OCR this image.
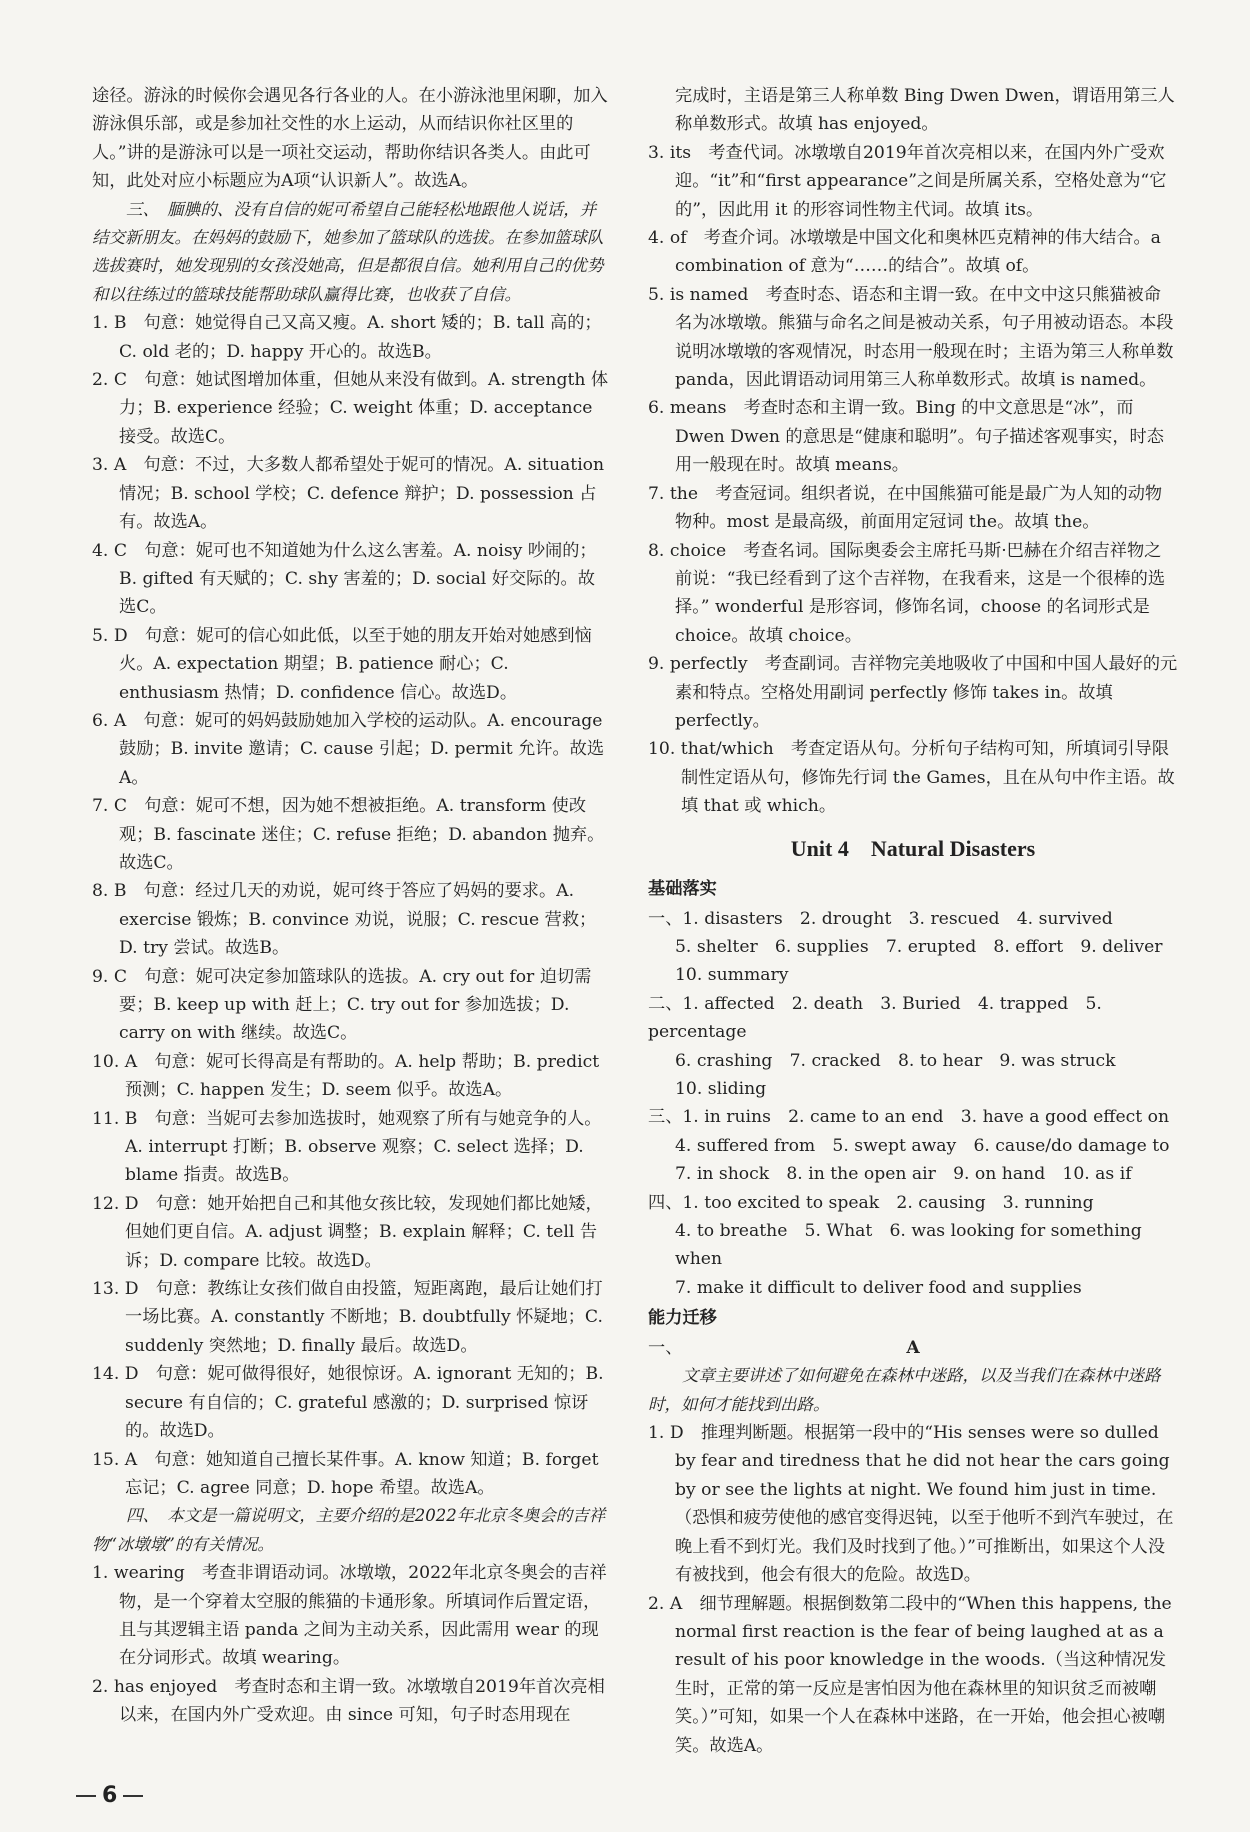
途径。游泳的时候你会遇见各行各业的人。在小游泳池里闲聊，加入游泳俱乐部，或是参加社交性的水上运动，从而结识你社区里的人。”讲的是游泳可以是一项社交运动，帮助你结识各类人。由此可知，此处对应小标题应为A项“认识新人”。故选A。

三、　腼腆的、没有自信的妮可希望自己能轻松地跟他人说话，并结交新朋友。在妈妈的鼓励下，她参加了篮球队的选拔。在参加篮球队选拔赛时，她发现别的女孩没她高，但是都很自信。她利用自己的优势和以往练过的篮球技能帮助球队赢得比赛，也收获了自信。

1. B　句意：她觉得自己又高又瘦。A. short 矮的；B. tall 高的；C. old 老的；D. happy 开心的。故选B。

2. C　句意：她试图增加体重，但她从来没有做到。A. strength 体力；B. experience 经验；C. weight 体重；D. acceptance 接受。故选C。

3. A　句意：不过，大多数人都希望处于妮可的情况。A. situation 情况；B. school 学校；C. defence 辩护；D. possession 占有。故选A。

4. C　句意：妮可也不知道她为什么这么害羞。A. noisy 吵闹的；B. gifted 有天赋的；C. shy 害羞的；D. social 好交际的。故选C。

5. D　句意：妮可的信心如此低，以至于她的朋友开始对她感到恼火。A. expectation 期望；B. patience 耐心；C. enthusiasm 热情；D. confidence 信心。故选D。

6. A　句意：妮可的妈妈鼓励她加入学校的运动队。A. encourage 鼓励；B. invite 邀请；C. cause 引起；D. permit 允许。故选A。

7. C　句意：妮可不想，因为她不想被拒绝。A. transform 使改观；B. fascinate 迷住；C. refuse 拒绝；D. abandon 抛弃。故选C。

8. B　句意：经过几天的劝说，妮可终于答应了妈妈的要求。A. exercise 锻炼；B. convince 劝说，说服；C. rescue 营救；D. try 尝试。故选B。

9. C　句意：妮可决定参加篮球队的选拔。A. cry out for 迫切需要；B. keep up with 赶上；C. try out for 参加选拔；D. carry on with 继续。故选C。

10. A　句意：妮可长得高是有帮助的。A. help 帮助；B. predict 预测；C. happen 发生；D. seem 似乎。故选A。

11. B　句意：当妮可去参加选拔时，她观察了所有与她竞争的人。A. interrupt 打断；B. observe 观察；C. select 选择；D. blame 指责。故选B。

12. D　句意：她开始把自己和其他女孩比较，发现她们都比她矮，但她们更自信。A. adjust 调整；B. explain 解释；C. tell 告诉；D. compare 比较。故选D。

13. D　句意：教练让女孩们做自由投篮，短距离跑，最后让她们打一场比赛。A. constantly 不断地；B. doubtfully 怀疑地；C. suddenly 突然地；D. finally 最后。故选D。

14. D　句意：妮可做得很好，她很惊讶。A. ignorant 无知的；B. secure 有自信的；C. grateful 感激的；D. surprised 惊讶的。故选D。

15. A　句意：她知道自己擅长某件事。A. know 知道；B. forget 忘记；C. agree 同意；D. hope 希望。故选A。

四、　本文是一篇说明文，主要介绍的是2022年北京冬奥会的吉祥物“冰墩墩”的有关情况。

1. wearing　考查非谓语动词。冰墩墩，2022年北京冬奥会的吉祥物，是一个穿着太空服的熊猫的卡通形象。所填词作后置定语，且与其逻辑主语 panda 之间为主动关系，因此需用 wear 的现在分词形式。故填 wearing。

2. has enjoyed　考查时态和主谓一致。冰墩墩自2019年首次亮相以来，在国内外广受欢迎。由 since 可知，句子时态用现在

完成时，主语是第三人称单数 Bing Dwen Dwen，谓语用第三人称单数形式。故填 has enjoyed。

3. its　考查代词。冰墩墩自2019年首次亮相以来，在国内外广受欢迎。“it”和“first appearance”之间是所属关系，空格处意为“它的”，因此用 it 的形容词性物主代词。故填 its。

4. of　考查介词。冰墩墩是中国文化和奥林匹克精神的伟大结合。a combination of 意为“……的结合”。故填 of。

5. is named　考查时态、语态和主谓一致。在中文中这只熊猫被命名为冰墩墩。熊猫与命名之间是被动关系，句子用被动语态。本段说明冰墩墩的客观情况，时态用一般现在时；主语为第三人称单数 panda，因此谓语动词用第三人称单数形式。故填 is named。

6. means　考查时态和主谓一致。Bing 的中文意思是“冰”，而 Dwen Dwen 的意思是“健康和聪明”。句子描述客观事实，时态用一般现在时。故填 means。

7. the　考查冠词。组织者说，在中国熊猫可能是最广为人知的动物物种。most 是最高级，前面用定冠词 the。故填 the。

8. choice　考查名词。国际奥委会主席托马斯·巴赫在介绍吉祥物之前说：“我已经看到了这个吉祥物，在我看来，这是一个很棒的选择。” wonderful 是形容词，修饰名词，choose 的名词形式是 choice。故填 choice。

9. perfectly　考查副词。吉祥物完美地吸收了中国和中国人最好的元素和特点。空格处用副词 perfectly 修饰 takes in。故填 perfectly。

10. that/which　考查定语从句。分析句子结构可知，所填词引导限制性定语从句，修饰先行词 the Games，且在从句中作主语。故填 that 或 which。

Unit 4　Natural Disasters
基础落实

一、1. disasters　2. drought　3. rescued　4. survived

5. shelter　6. supplies　7. erupted　8. effort　9. deliver

10. summary

二、1. affected　2. death　3. Buried　4. trapped　5. percentage

6. crashing　7. cracked　8. to hear　9. was struck

10. sliding

三、1. in ruins　2. came to an end　3. have a good effect on

4. suffered from　5. swept away　6. cause/do damage to

7. in shock　8. in the open air　9. on hand　10. as if

四、1. too excited to speak　2. causing　3. running

4. to breathe　5. What　6. was looking for something　when

7. make it difficult to deliver food and supplies

能力迁移
一、	A

文章主要讲述了如何避免在森林中迷路，以及当我们在森林中迷路时，如何才能找到出路。

1. D　推理判断题。根据第一段中的“His senses were so dulled by fear and tiredness that he did not hear the cars going by or see the lights at night. We found him just in time.（恐惧和疲劳使他的感官变得迟钝，以至于他听不到汽车驶过，在晚上看不到灯光。我们及时找到了他。）”可推断出，如果这个人没有被找到，他会有很大的危险。故选D。

2. A　细节理解题。根据倒数第二段中的“When this happens, the normal first reaction is the fear of being laughed at as a result of his poor knowledge in the woods.（当这种情况发生时，正常的第一反应是害怕因为他在森林里的知识贫乏而被嘲笑。）”可知，如果一个人在森林中迷路，在一开始，他会担心被嘲笑。故选A。

6
